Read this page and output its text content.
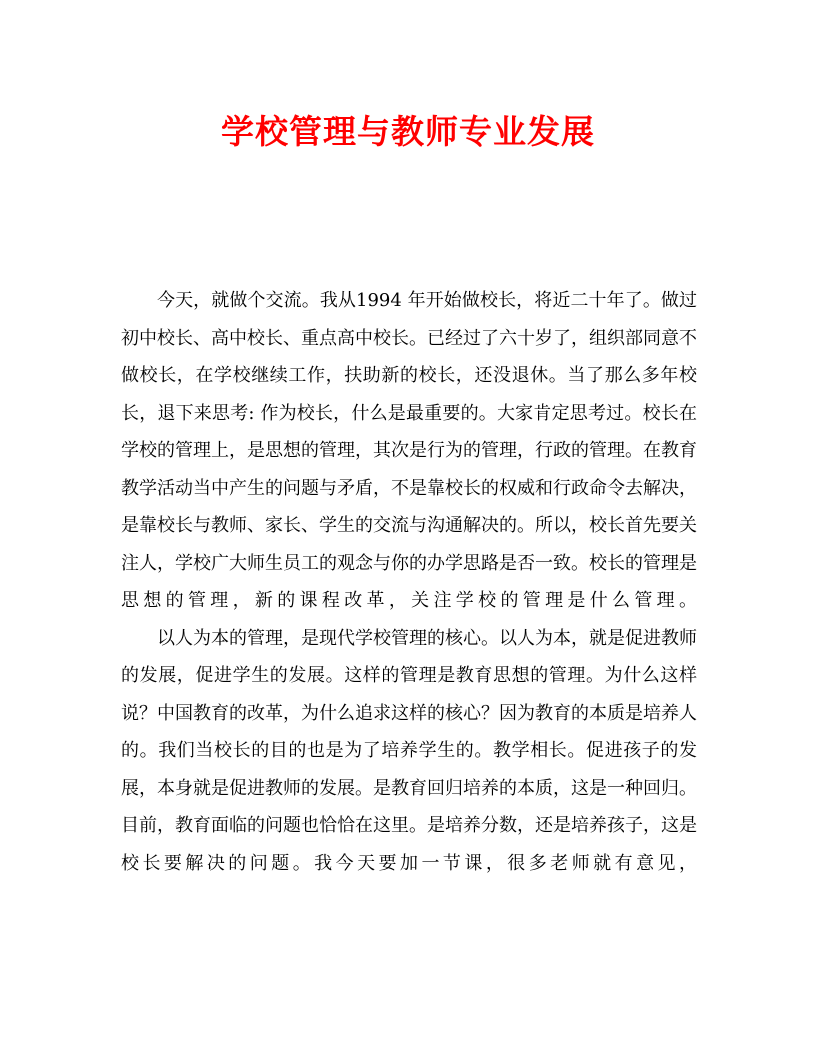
学校管理与教师专业发展

今天，就做个交流。我从1994 年开始做校长，将近二十年了。做过初中校长、高中校长、重点高中校长。已经过了六十岁了，组织部同意不做校长，在学校继续工作，扶助新的校长，还没退休。当了那么多年校长，退下来思考: 作为校长，什么是最重要的。大家肯定思考过。校长在学校的管理上，是思想的管理，其次是行为的管理，行政的管理。在教育教学活动当中产生的问题与矛盾，不是靠校长的权威和行政命令去解决，是靠校长与教师、家长、学生的交流与沟通解决的。所以，校长首先要关注人，学校广大师生员工的观念与你的办学思路是否一致。校长的管理是思想的管理，新的课程改革，关注学校的管理是什么管理。

以人为本的管理，是现代学校管理的核心。以人为本，就是促进教师的发展，促进学生的发展。这样的管理是教育思想的管理。为什么这样说？中国教育的改革，为什么追求这样的核心？因为教育的本质是培养人的。我们当校长的目的也是为了培养学生的。教学相长。促进孩子的发展，本身就是促进教师的发展。是教育回归培养的本质，这是一种回归。目前，教育面临的问题也恰恰在这里。是培养分数，还是培养孩子，这是校长要解决的问题。我今天要加一节课，很多老师就有意见，
